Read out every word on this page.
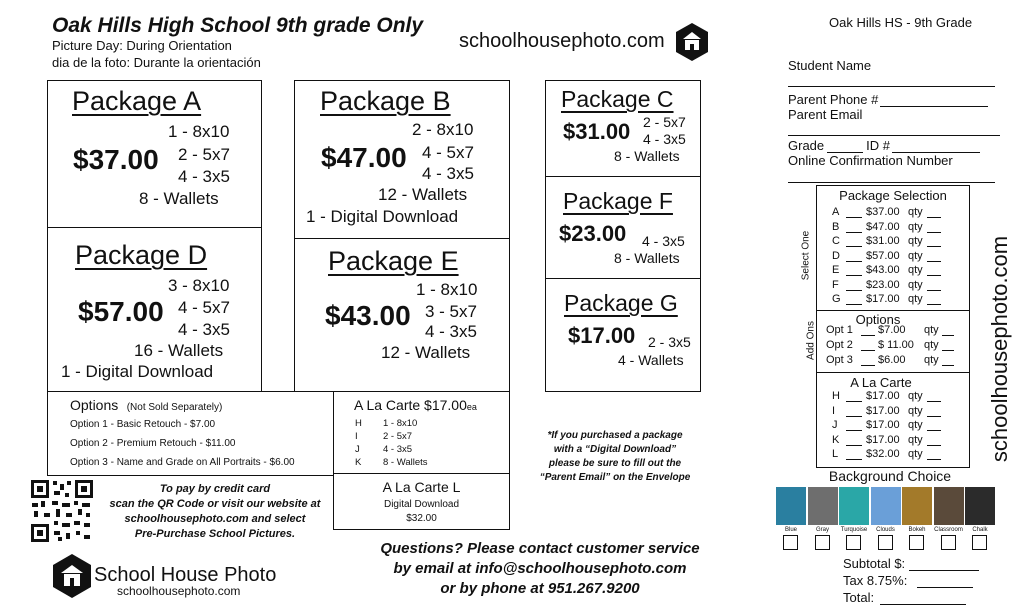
Oak Hills High School 9th grade Only
Picture Day: During Orientation
dia de la foto: Durante la orientación
schoolhousephoto.com
Oak Hills HS - 9th Grade
Package A
1 - 8x10
$37.00 2 - 5x7
4 - 3x5
8 - Wallets
Package D
3 - 8x10
$57.00 4 - 5x7
4 - 3x5
16 - Wallets
1 - Digital Download
Package B
2 - 8x10
$47.00 4 - 5x7
4 - 3x5
12 - Wallets
1 - Digital Download
Package E
1 - 8x10
$43.00 3 - 5x7
4 - 3x5
12 - Wallets
Package C
$31.00 2 - 5x7
4 - 3x5
8 - Wallets
Package F
$23.00 4 - 3x5
8 - Wallets
Package G
$17.00 2 - 3x5
4 - Wallets
Options (Not Sold Separately)
Option 1 - Basic Retouch - $7.00
Option 2 - Premium Retouch - $11.00
Option 3 - Name and Grade on All Portraits - $6.00
A La Carte $17.00ea
H 1 - 8x10
I	2 - 5x7
J 4 - 3x5
K 8 - Wallets
A La Carte L
Digital Download
$32.00
*If you purchased a package
with a “Digital Download”
please be sure to fill out the
“Parent Email” on the Envelope
To pay by credit card
scan the QR Code or visit our website at
schoolhousephoto.com and select
Pre-Purchase School Pictures.
Questions? Please contact customer service
by email at info@schoolhousephoto.com
or by phone at 951.267.9200
School House Photo
schoolhousephoto.com
Student Name
Parent Phone #
Parent Email
Grade	ID #
Online Confirmation Number
Package Selection
Select One
A $37.00 qty
B $47.00 qty
C $31.00 qty
D $57.00 qty
E $43.00 qty
F $23.00 qty
G $17.00 qty
Options
Add Ons Opt 1 $7.00 qty
Opt 2 $ 11.00 qty
Opt 3 $6.00 qty
A La Carte
H $17.00 qty
I	$17.00 qty
J	$17.00 qty
K $17.00 qty
L	$32.00 qty
Background Choice
Blue	Gray	Turquoise	Clouds	Bokeh	Classroom	Chalk
Subtotal $:
Tax 8.75%:
Total:
schoolhousephoto.com
